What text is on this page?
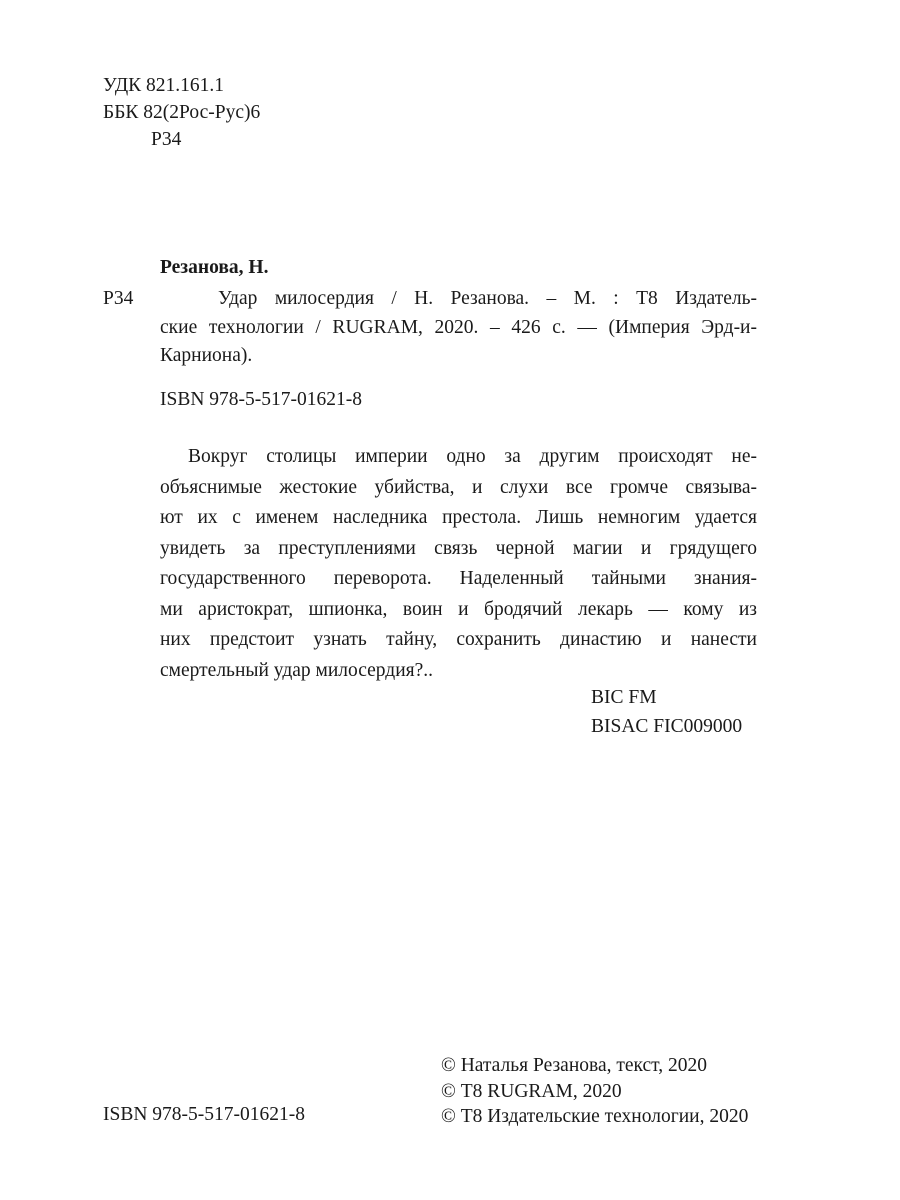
УДК 821.161.1
ББК 82(2Рос-Рус)6
Р34
Резанова, Н.
Р34	Удар милосердия / Н. Резанова. – М. : Т8 Издатель-
ские технологии / RUGRAM, 2020. – 426 с. — (Империя Эрд-и-
Карниона).
ISBN 978-5-517-01621-8
Вокруг столицы империи одно за другим происходят не-
объяснимые жестокие убийства, и слухи все громче связыва-
ют их с именем наследника престола. Лишь немногим удается
увидеть за преступлениями связь черной магии и грядущего
государственного переворота. Наделенный тайными знания-
ми аристократ, шпионка, воин и бродячий лекарь — кому из
них предстоит узнать тайну, сохранить династию и нанести
смертельный удар милосердия?..
BIC FM
BISAC FIC009000
© Наталья Резанова, текст, 2020
© Т8 RUGRAM, 2020
© Т8 Издательские технологии, 2020
ISBN 978-5-517-01621-8
